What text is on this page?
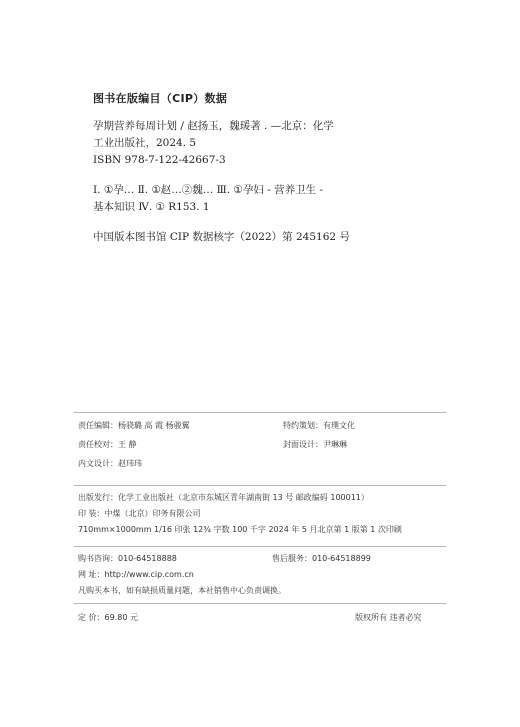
图书在版编目（CIP）数据
孕期营养每周计划 / 赵扬玉，魏瑗著 . —北京：化学
工业出版社，2024. 5
ISBN 978-7-122-42667-3
Ⅰ. ①孕… Ⅱ. ①赵…②魏… Ⅲ. ①孕妇 - 营养卫生 -
基本知识 Ⅳ. ① R153. 1
中国版本图书馆 CIP 数据核字（2022）第 245162 号
责任编辑：杨骁璐 高 霞 杨骏翼	特约策划：有璞文化
责任校对：王 静	封面设计：尹琳琳
内文设计：赵玮玮
出版发行：化学工业出版社（北京市东城区青年湖南街 13 号 邮政编码 100011）
印 装：中煤（北京）印务有限公司
710mm×1000mm 1/16 印张 12¾ 字数 100 千字 2024 年 5 月北京第 1 版第 1 次印刷
购书咨询：010-64518888	售后服务：010-64518899
网 址：http://www.cip.com.cn
凡购买本书，如有缺损质量问题，本社销售中心负责调换。
定 价：69.80 元	版权所有 违者必究
